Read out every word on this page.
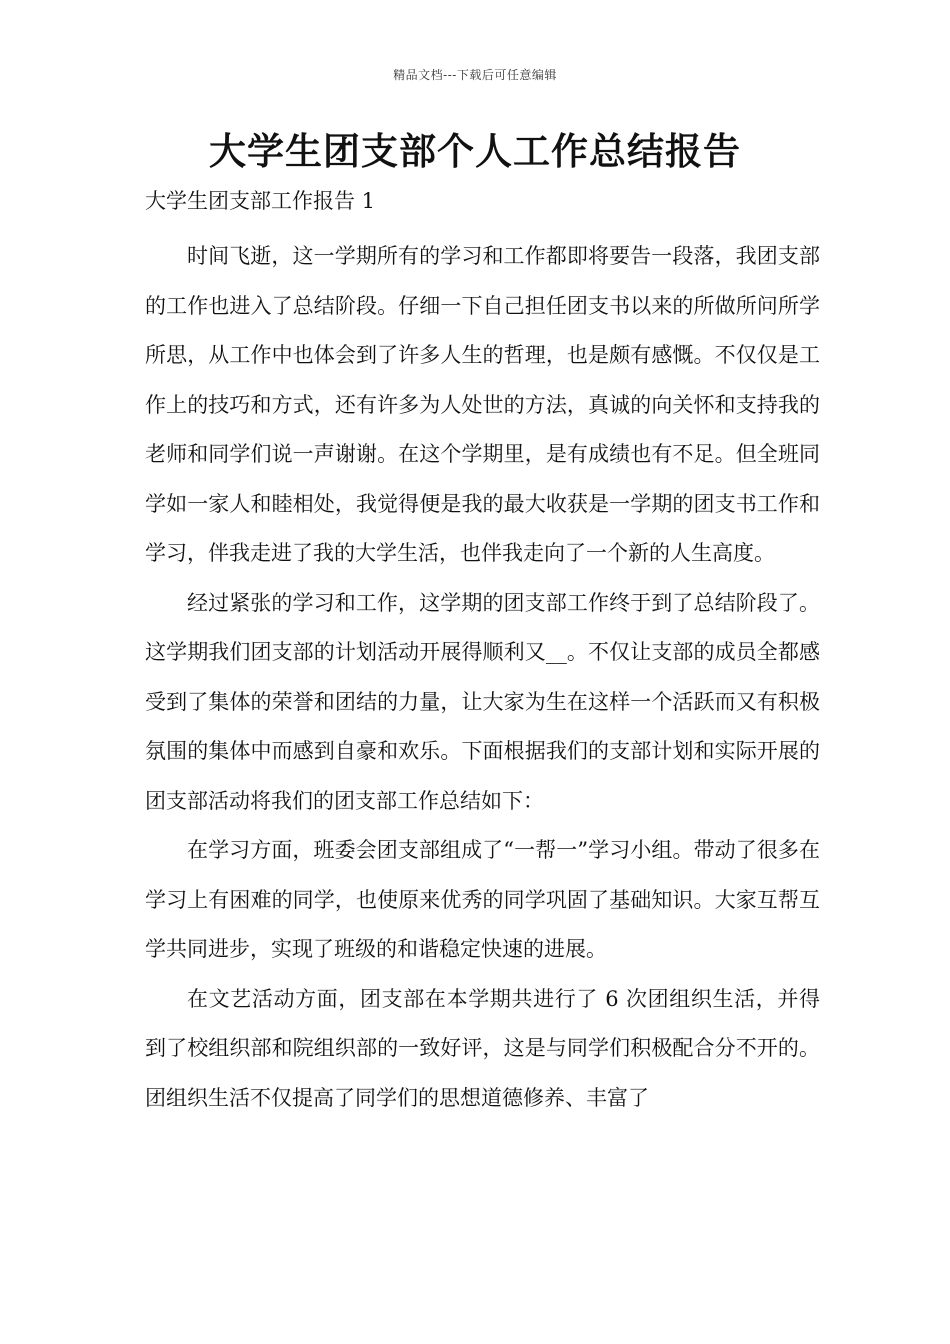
精品文档---下载后可任意编辑
大学生团支部个人工作总结报告

大学生团支部工作报告 1

时间飞逝，这一学期所有的学习和工作都即将要告一段落，我团支部的工作也进入了总结阶段。仔细一下自己担任团支书以来的所做所问所学所思，从工作中也体会到了许多人生的哲理，也是颇有感慨。不仅仅是工作上的技巧和方式，还有许多为人处世的方法，真诚的向关怀和支持我的老师和同学们说一声谢谢。在这个学期里，是有成绩也有不足。但全班同学如一家人和睦相处，我觉得便是我的最大收获是一学期的团支书工作和学习，伴我走进了我的大学生活，也伴我走向了一个新的人生高度。

经过紧张的学习和工作，这学期的团支部工作终于到了总结阶段了。这学期我们团支部的计划活动开展得顺利又__。不仅让支部的成员全都感受到了集体的荣誉和团结的力量，让大家为生在这样一个活跃而又有积极氛围的集体中而感到自豪和欢乐。下面根据我们的支部计划和实际开展的团支部活动将我们的团支部工作总结如下：

在学习方面，班委会团支部组成了“一帮一”学习小组。带动了很多在学习上有困难的同学，也使原来优秀的同学巩固了基础知识。大家互帮互学共同进步，实现了班级的和谐稳定快速的进展。

在文艺活动方面，团支部在本学期共进行了 6 次团组织生活，并得到了校组织部和院组织部的一致好评，这是与同学们积极配合分不开的。团组织生活不仅提高了同学们的思想道德修养、丰富了
